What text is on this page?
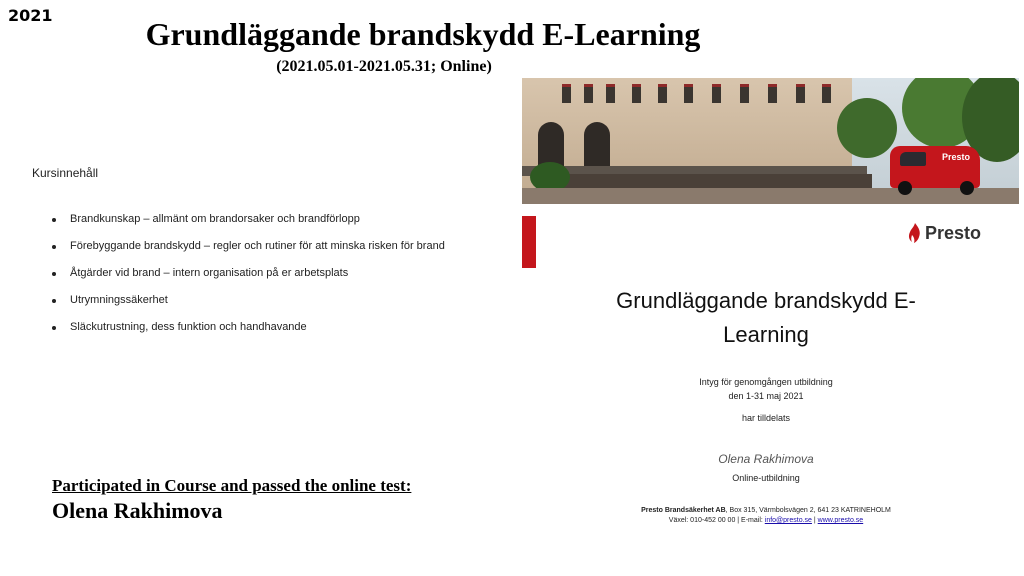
2021
Grundläggande brandskydd E-Learning
(2021.05.01-2021.05.31; Online)
Kursinnehåll
Brandkunskap – allmänt om brandorsaker och brandförlopp
Förebyggande brandskydd – regler och rutiner för att minska risken för brand
Åtgärder vid brand – intern organisation på er arbetsplats
Utrymningssäkerhet
Släckutrustning, dess funktion och handhavande
Participated in Course and passed the online test:
Olena Rakhimova
Presto
Presto
Grundläggande brandskydd E-
Learning
Intyg för genomgången utbildning
den 1-31 maj 2021
har tilldelats
Olena Rakhimova
Online-utbildning
Presto Brandsäkerhet AB, Box 315, Värmbolsvägen 2, 641 23 KATRINEHOLM
Växel: 010-452 00 00 | E-mail: info@presto.se | www.presto.se
